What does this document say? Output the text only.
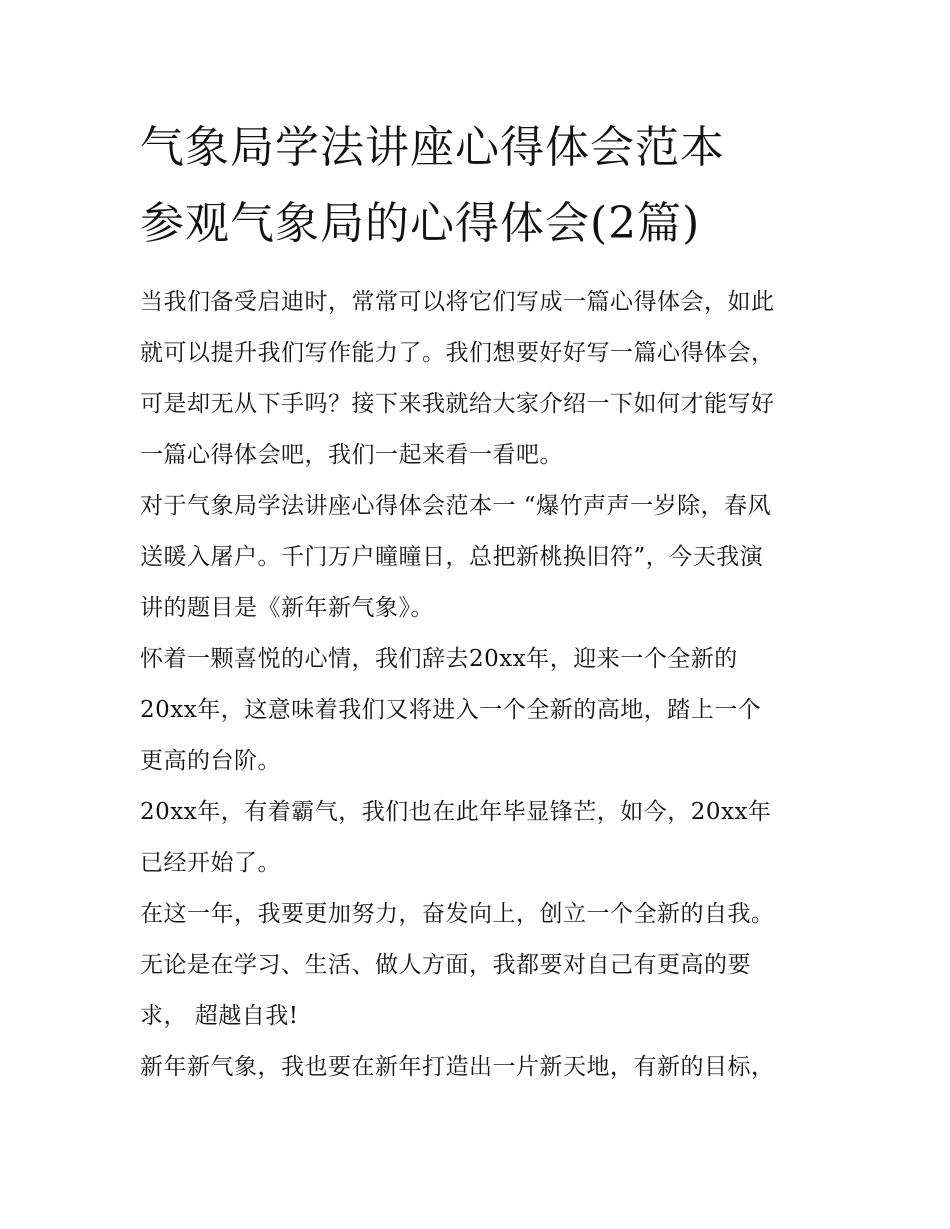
气象局学法讲座心得体会范本
参观气象局的心得体会(2篇)

当我们备受启迪时，常常可以将它们写成一篇心得体会，如此
就可以提升我们写作能力了。我们想要好好写一篇心得体会，
可是却无从下手吗？接下来我就给大家介绍一下如何才能写好
一篇心得体会吧，我们一起来看一看吧。

对于气象局学法讲座心得体会范本一 “爆竹声声一岁除，春风
送暖入屠户。千门万户曈曈日，总把新桃换旧符”，今天我演
讲的题目是《新年新气象》。

怀着一颗喜悦的心情，我们辞去20xx年，迎来一个全新的
20xx年，这意味着我们又将进入一个全新的高地，踏上一个
更高的台阶。

20xx年，有着霸气，我们也在此年毕显锋芒，如今，20xx年
已经开始了。

在这一年，我要更加努力，奋发向上，创立一个全新的自我。
无论是在学习、生活、做人方面，我都要对自己有更高的要
求， 超越自我!

新年新气象，我也要在新年打造出一片新天地，有新的目标，
